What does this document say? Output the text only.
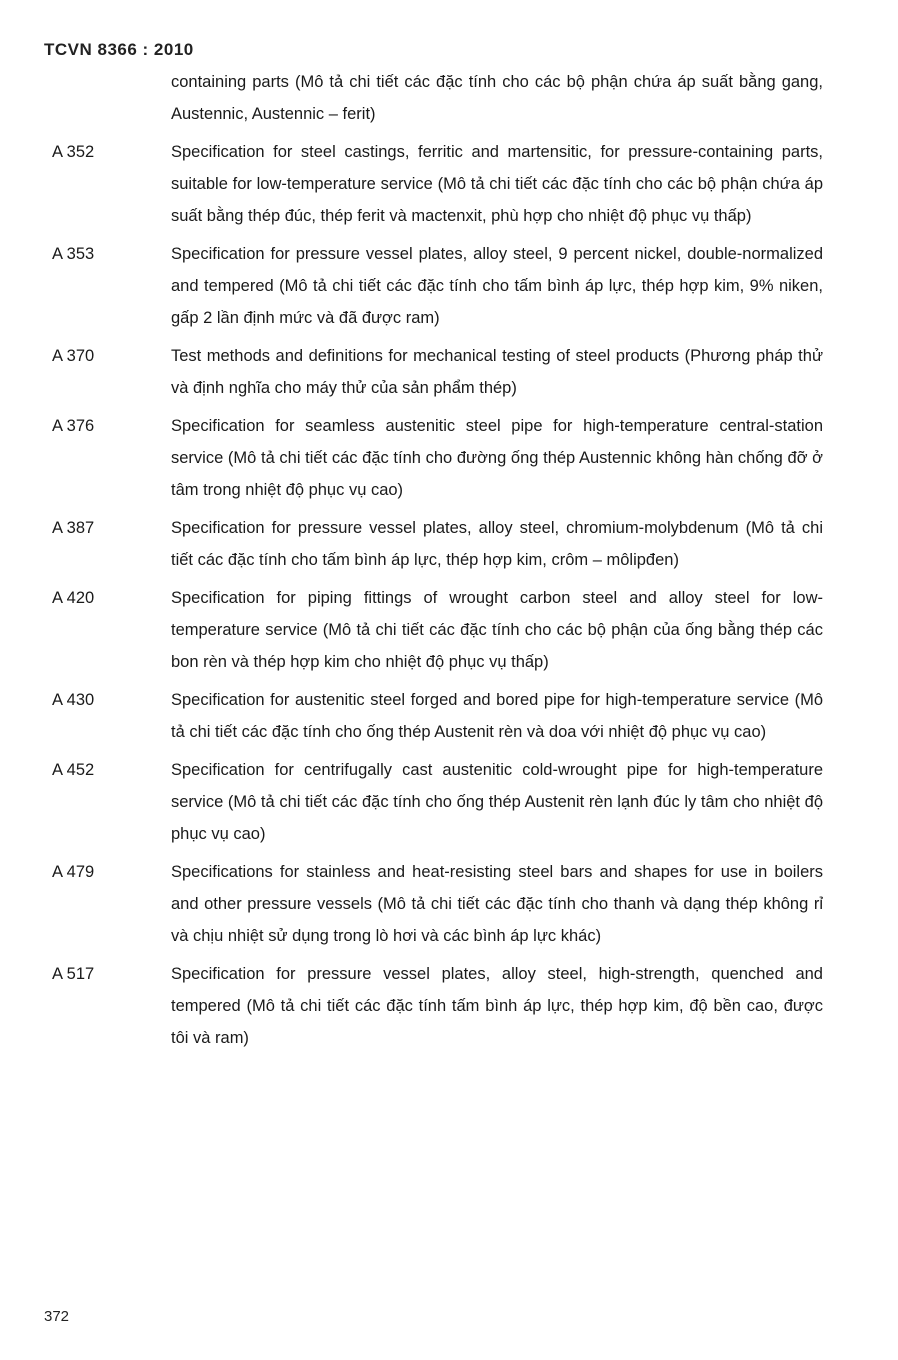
TCVN 8366 : 2010
containing parts (Mô tả chi tiết các đặc tính cho các bộ phận chứa áp suất bằng gang, Austennic, Austennic – ferit)
A 352	Specification for steel castings, ferritic and martensitic, for pressure-containing parts, suitable for low-temperature service (Mô tả chi tiết các đặc tính cho các bộ phận chứa áp suất bằng thép đúc, thép ferit và mactenxit, phù hợp cho nhiệt độ phục vụ thấp)
A 353	Specification for pressure vessel plates, alloy steel, 9 percent nickel, double-normalized and tempered (Mô tả chi tiết các đặc tính cho tấm bình áp lực, thép hợp kim, 9% niken, gấp 2 lần định mức và đã được ram)
A 370	Test methods and definitions for mechanical testing of steel products (Phương pháp thử và định nghĩa cho máy thử của sản phẩm thép)
A 376	Specification for seamless austenitic steel pipe for high-temperature central-station service (Mô tả chi tiết các đặc tính cho đường ống thép Austennic không hàn chống đỡ ở tâm trong nhiệt độ phục vụ cao)
A 387	Specification for pressure vessel plates, alloy steel, chromium-molybdenum (Mô tả chi tiết các đặc tính cho tấm bình áp lực, thép hợp kim, crôm – môlipđen)
A 420	Specification for piping fittings of wrought carbon steel and alloy steel for low-temperature service (Mô tả chi tiết các đặc tính cho các bộ phận của ống bằng thép các bon rèn và thép hợp kim cho nhiệt độ phục vụ thấp)
A 430	Specification for austenitic steel forged and bored pipe for high-temperature service (Mô tả chi tiết các đặc tính cho ống thép Austenit rèn và doa với nhiệt độ phục vụ cao)
A 452	Specification for centrifugally cast austenitic cold-wrought pipe for high-temperature service (Mô tả chi tiết các đặc tính cho ống thép Austenit rèn lạnh đúc ly tâm cho nhiệt độ phục vụ cao)
A 479	Specifications for stainless and heat-resisting steel bars and shapes for use in boilers and other pressure vessels (Mô tả chi tiết các đặc tính cho thanh và dạng thép không rỉ và chịu nhiệt sử dụng trong lò hơi và các bình áp lực khác)
A 517	Specification for pressure vessel plates, alloy steel, high-strength, quenched and tempered (Mô tả chi tiết các đặc tính tấm bình áp lực, thép hợp kim, độ bền cao, được tôi và ram)
372
